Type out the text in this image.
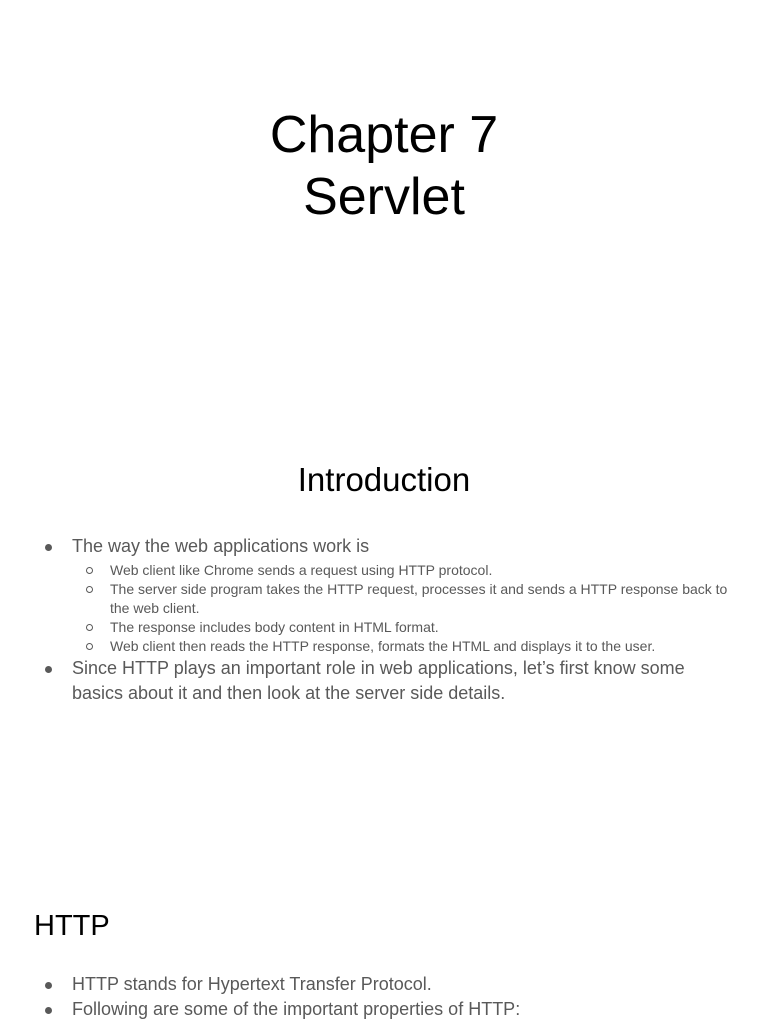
Chapter 7
Servlet
Introduction
The way the web applications work is
Web client like Chrome sends a request using HTTP protocol.
The server side program takes the HTTP request, processes it and sends a HTTP response back to the web client.
The response includes body content in HTML format.
Web client then reads the HTTP response, formats the HTML and displays it to the user.
Since HTTP plays an important role in web applications, let’s first know some basics about it and then look at the server side details.
HTTP
HTTP stands for Hypertext Transfer Protocol.
Following are some of the important properties of HTTP:
